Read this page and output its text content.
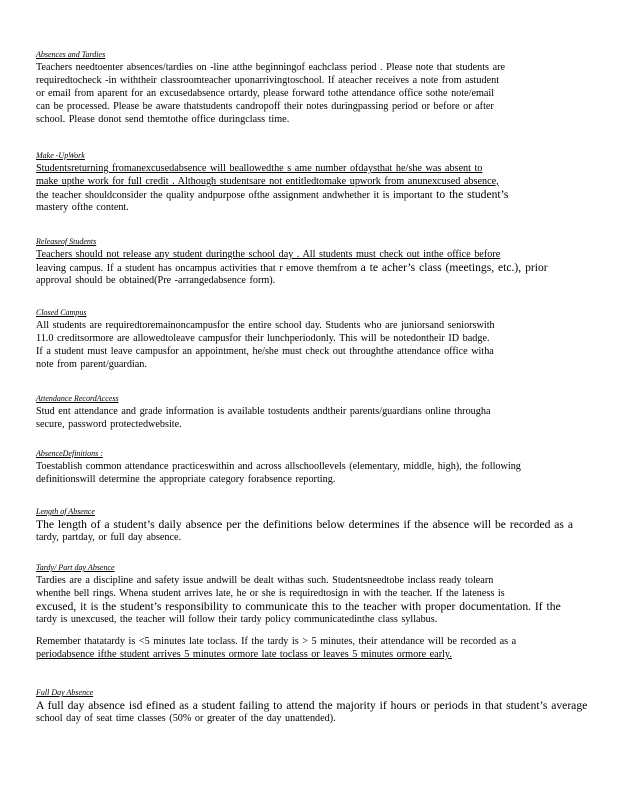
Absences and Tardies
Teachers needtoenter absences/tardies on -line atthe beginningof eachclass period . Please note that students are
requiredtocheck -in withtheir classroomteacher uponarrivingtoschool. If ateacher receives a note from astudent
or email from aparent for an excusedabsence ortardy, please forward tothe attendance office sothe note/email
can be processed. Please be aware thatstudents candropoff their notes duringpassing period or before or after
school. Please donot send themtothe office duringclass time.
Make -UpWork
Studentsreturning fromanexcusedabsence will beallowedthe s ame number ofdaysthat he/she was absent to
make upthe work for full credit . Although studentsare not entitledtomake upwork from anunexcused absence,
the teacher shouldconsider the quality andpurpose ofthe assignment andwhether it is important to the student’s
mastery ofthe content.
Releaseof Students
Teachers should not release any student duringthe school day . All students must check out inthe office before
leaving campus. If a student has oncampus activities that r emove themfrom a te acher’s class (meetings, etc.), prior
approval should be obtained(Pre -arrangedabsence form).
Closed Campus
All students are requiredtoremainoncampusfor the entire school day. Students who are juniorsand seniorswith
11.0 creditsormore are allowedtoleave campusfor their lunchperiodonly. This will be notedontheir ID badge.
If a student must leave campusfor an appointment, he/she must check out throughthe attendance office witha
note from parent/guardian.
Attendance RecordAccess
Stud ent attendance and grade information is available tostudents andtheir parents/guardians online througha
secure, password protectedwebsite.
AbsenceDefinitions :
Toestablish common attendance practiceswithin and across allschoollevels (elementary, middle, high), the following
definitionswill determine the appropriate category forabsence reporting.
Length of Absence
The length of a student’s daily absence per the definitions below determines if the absence will be recorded as a
tardy, partday, or full day absence.
Tardy/ Part day Absence
Tardies are a discipline and safety issue andwill be dealt withas such. Studentsneedtobe inclass ready tolearn
whenthe bell rings. Whena student arrives late, he or she is requiredtosign in with the teacher. If the lateness is
excused, it is the student’s responsibility to communicate this to the teacher with proper documentation. If the
tardy is unexcused, the teacher will follow their tardy policy communicatedinthe class syllabus.
Remember thatatardy is <5 minutes late toclass. If the tardy is > 5 minutes, their attendance will be recorded as a
periodabsence ifthe student arrives 5 minutes ormore late toclass or leaves 5 minutes ormore early.
Full Day Absence
A full day absence isd efined as a student failing to attend the majority if hours or periods in that student’s average
school day of seat time classes (50% or greater of the day unattended).
